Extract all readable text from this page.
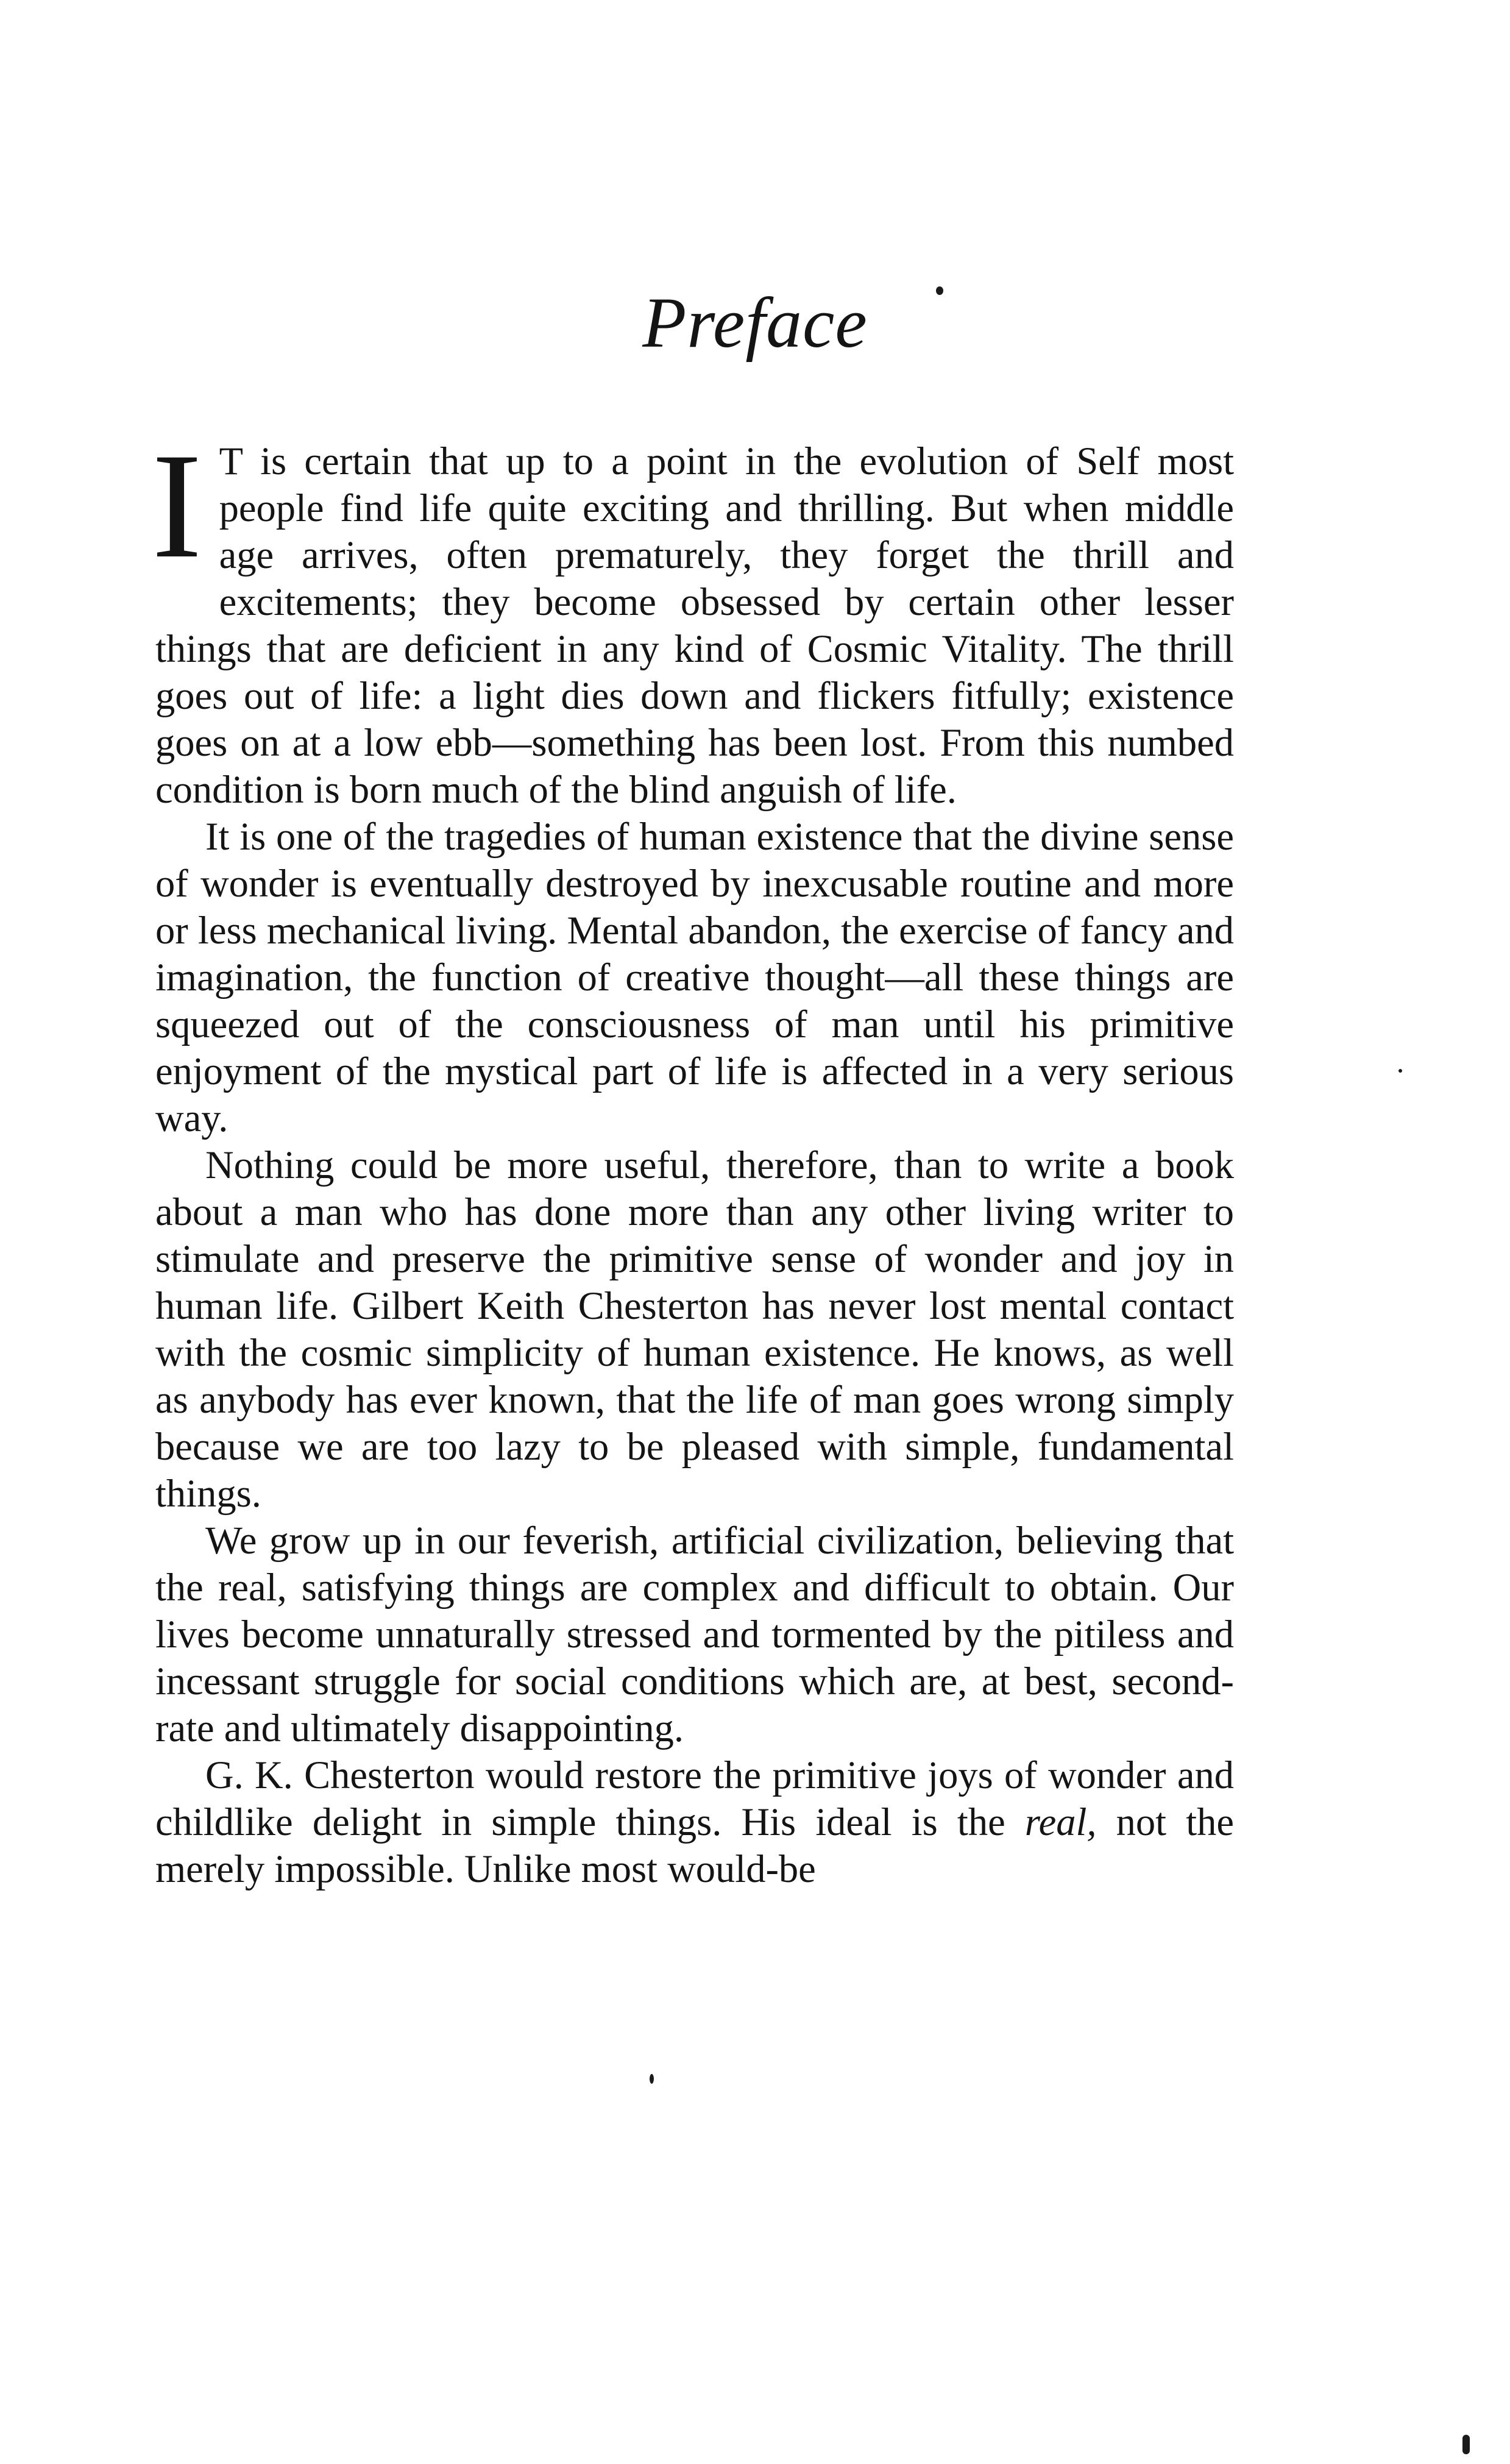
Preface

I T is certain that up to a point in the evolution of Self most people find life quite exciting and thrilling. But when middle age arrives, often prematurely, they forget the thrill and excitements; they become obsessed by certain other lesser things that are deficient in any kind of Cosmic Vitality. The thrill goes out of life: a light dies down and flickers fitfully; existence goes on at a low ebb—something has been lost. From this numbed condition is born much of the blind anguish of life.

It is one of the tragedies of human existence that the divine sense of wonder is eventually destroyed by inexcusable routine and more or less mechanical living. Mental abandon, the exercise of fancy and imagination, the function of creative thought—all these things are squeezed out of the consciousness of man until his primitive enjoyment of the mystical part of life is affected in a very serious way.

Nothing could be more useful, therefore, than to write a book about a man who has done more than any other living writer to stimulate and preserve the primitive sense of wonder and joy in human life. Gilbert Keith Chesterton has never lost mental contact with the cosmic simplicity of human existence. He knows, as well as anybody has ever known, that the life of man goes wrong simply because we are too lazy to be pleased with simple, fundamental things.

We grow up in our feverish, artificial civilization, believing that the real, satisfying things are complex and difficult to obtain. Our lives become unnaturally stressed and tormented by the pitiless and incessant struggle for social conditions which are, at best, second-rate and ultimately disappointing.

G. K. Chesterton would restore the primitive joys of wonder and childlike delight in simple things. His ideal is the real, not the merely impossible. Unlike most would-be
